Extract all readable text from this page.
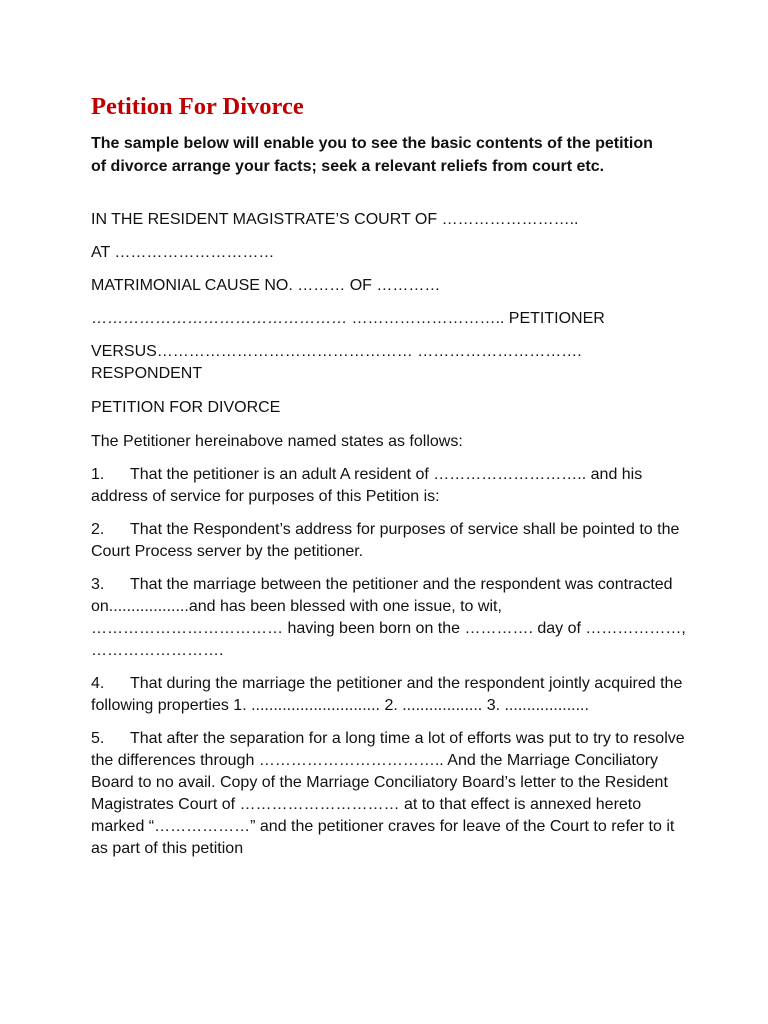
Petition For Divorce

The sample below will enable you to see the basic contents of the petition of divorce arrange your facts; seek a relevant reliefs from court etc.

IN THE RESIDENT MAGISTRATE’S COURT OF ……………………..

AT …………………………

MATRIMONIAL CAUSE NO. ……… OF …………

………………………………………… ……………………….. PETITIONER

VERSUS………………………………………… ………………………….

RESPONDENT

PETITION FOR DIVORCE

The Petitioner hereinabove named states as follows:

1. That the petitioner is an adult A resident of ……………………….. and his address of service for purposes of this Petition is:

2. That the Respondent’s address for purposes of service shall be pointed to the Court Process server by the petitioner.

3. That the marriage between the petitioner and the respondent was contracted on..................and has been blessed with one issue, to wit, ……………………………… having been born on the …………. day of ………………, …………………….

4. That during the marriage the petitioner and the respondent jointly acquired the following properties 1. ............................. 2. .................. 3. ...................

5. That after the separation for a long time a lot of efforts was put to try to resolve the differences through …………………………….. And the Marriage Conciliatory Board to no avail. Copy of the Marriage Conciliatory Board’s letter to the Resident Magistrates Court of ………………………… at to that effect is annexed hereto marked “………………” and the petitioner craves for leave of the Court to refer to it as part of this petition
